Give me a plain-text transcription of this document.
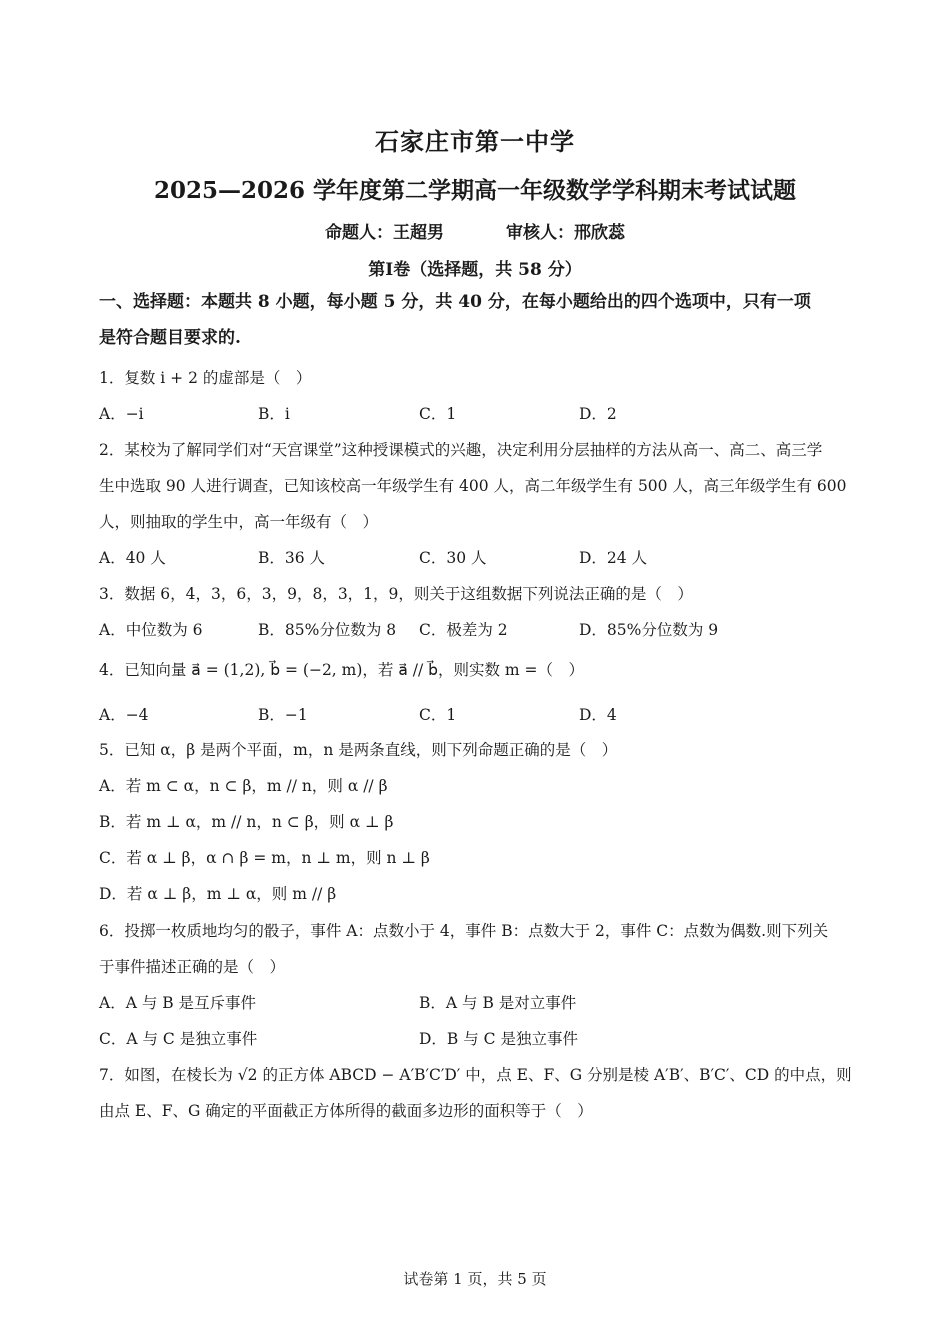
石家庄市第一中学
2025—2026 学年度第二学期高一年级数学学科期末考试试题
命题人：王超男	审核人：邢欣蕊
第Ⅰ卷（选择题，共 58 分）
一、选择题：本题共 8 小题，每小题 5 分，共 40 分，在每小题给出的四个选项中，只有一项
是符合题目要求的.
1．复数 i + 2 的虚部是（　）
A．−i	B．i	C．1	D．2
2．某校为了解同学们对“天宫课堂”这种授课模式的兴趣，决定利用分层抽样的方法从高一、高二、高三学
生中选取 90 人进行调查，已知该校高一年级学生有 400 人，高二年级学生有 500 人，高三年级学生有 600
人，则抽取的学生中，高一年级有（　）
A．40 人	B．36 人	C．30 人	D．24 人
3．数据 6，4，3，6，3，9，8，3，1，9，则关于这组数据下列说法正确的是（　）
A．中位数为 6	B．85%分位数为 8 C．极差为 2	D．85%分位数为 9
4．已知向量 a⃗ = (1,2), b⃗ = (−2, m)，若 a⃗ // b⃗，则实数 m =（　）
A．−4	B．−1	C．1	D．4
5．已知 α，β 是两个平面，m，n 是两条直线，则下列命题正确的是（　）
A．若 m ⊂ α，n ⊂ β，m // n，则 α // β
B．若 m ⊥ α，m // n，n ⊂ β，则 α ⊥ β
C．若 α ⊥ β，α ∩ β = m，n ⊥ m，则 n ⊥ β
D．若 α ⊥ β，m ⊥ α，则 m // β
6．投掷一枚质地均匀的骰子，事件 A：点数小于 4，事件 B：点数大于 2，事件 C：点数为偶数.则下列关
于事件描述正确的是（　）
A．A 与 B 是互斥事件	B．A 与 B 是对立事件
C．A 与 C 是独立事件	D．B 与 C 是独立事件
7．如图，在棱长为 √2 的正方体 ABCD − A′B′C′D′ 中，点 E、F、G 分别是棱 A′B′、B′C′、CD 的中点，则
由点 E、F、G 确定的平面截正方体所得的截面多边形的面积等于（　）
试卷第 1 页，共 5 页
